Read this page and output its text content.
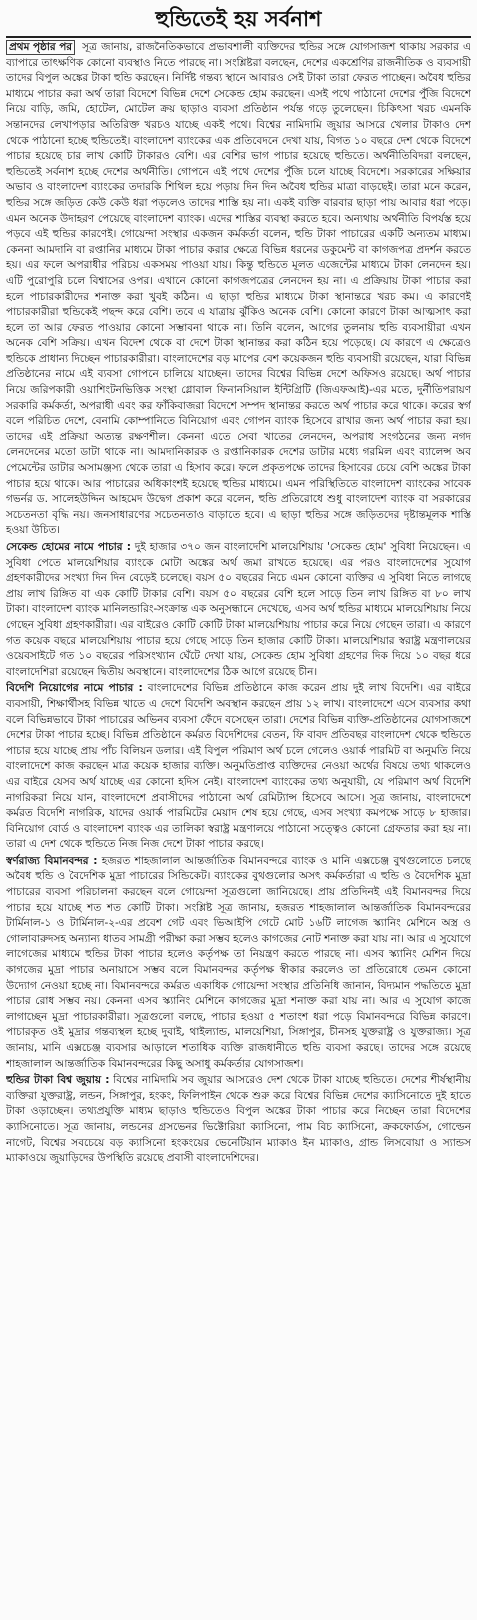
হুন্ডিতেই হয় সর্বনাশ

প্রথম পৃষ্ঠার পর সূত্র জানায়, রাজনৈতিকভাবে প্রভাবশালী ব্যক্তিদের হুন্ডির সঙ্গে যোগসাজশ থাকায় সরকার এ ব্যাপারে তাৎক্ষণিক কোনো ব্যবস্থাও নিতে পারছে না। সংশ্লিষ্টরা বলছেন, দেশের একশ্রেণির রাজনীতিক ও ব্যবসায়ী তাদের বিপুল অঙ্কের টাকা হুন্ডি করছেন। নির্দিষ্ট গন্তব্য স্থানে আবারও সেই টাকা তারা ফেরত পাচ্ছেন। অবৈধ হুন্ডির মাধ্যমে পাচার করা অর্থ তারা বিদেশে বিভিন্ন দেশে সেকেন্ড হোম করছেন। এসই পথে পাঠানো দেশের পুঁজি বিদেশে নিয়ে বাড়ি, জমি, হোটেল, মোটেল ক্রয় ছাড়াও ব্যবসা প্রতিষ্ঠান পর্যন্ত গড়ে তুলেছেন। চিকিৎসা খরচ এমনকি সন্তানদের লেখাপড়ার অতিরিক্ত খরচও যাচ্ছে একই পথে। বিশ্বের নামিদামি জুয়ার আসরে খেলার টাকাও দেশ থেকে পাঠানো হচ্ছে হুন্ডিতেই। বাংলাদেশ ব্যাংকের এক প্রতিবেদনে দেখা যায়, বিগত ১০ বছরে দেশ থেকে বিদেশে পাচার হয়েছে চার লাখ কোটি টাকারও বেশি। এর বেশির ভাগ পাচার হয়েছে হুন্ডিতে। অর্থনীতিবিদরা বলছেন, হুন্ডিতেই সর্বনাশ হচ্ছে দেশের অর্থনীতি। গোপনে এই পথে দেশের পুঁজি চলে যাচ্ছে বিদেশে। সরকারের সক্ষিয়ার অভাব ও বাংলাদেশ ব্যাংকের তদারকি শিথিল হয়ে পড়ায় দিন দিন অবৈধ হুন্ডির মাত্রা বাড়ছেই। তারা মনে করেন, হুন্ডির সঙ্গে জড়িত কেউ কেউ ধরা পড়লেও তাদের শাস্তি হয় না। একই ব্যক্তি বারবার ছাড়া পায় আবার ধরা পড়ে। এমন অনেক উদাহরণ পেয়েছে বাংলাদেশ ব্যাংক। এদের শাস্তির ব্যবস্থা করতে হবে। অন্যথায় অর্থনীতি বিপর্যস্ত হয়ে পড়বে এই হুন্ডির কারণেই। গোয়েন্দা সংস্থার একজন কর্মকর্তা বলেন, হুন্ডি টাকা পাচারের একটি অন্যতম মাধ্যম। কেননা আমদানি বা রপ্তানির মাধ্যমে টাকা পাচার করার ক্ষেত্রে বিভিন্ন ধরনের ডকুমেন্ট বা কাগজপত্র প্রদর্শন করতে হয়। এর ফলে অপরাধীর পরিচয় একসময় পাওয়া যায়। কিন্তু হুন্ডিতে মূলত এজেন্টের মাধ্যমে টাকা লেনদেন হয়। এটি পুরোপুরি চলে বিশ্বাসের ওপর। এখানে কোনো কাগজপত্রের লেনদেন হয় না। এ প্রক্রিয়ায় টাকা পাচার করা হলে পাচারকারীদের শনাক্ত করা খুবই কঠিন। এ ছাড়া হুন্ডির মাধ্যমে টাকা স্থানান্তরে খরচ কম। এ কারণেই পাচারকারীরা হুন্ডিকেই পছন্দ করে বেশি। তবে এ যাত্রায় ঝুঁকিও অনেক বেশি। কোনো কারণে টাকা আত্মসাৎ করা হলে তা আর ফেরত পাওয়ার কোনো সম্ভাবনা থাকে না। তিনি বলেন, আগের তুলনায় হুন্ডি ব্যবসায়ীরা এখন অনেক বেশি সক্রিয়। এখন বিদেশ থেকে বা দেশে টাকা স্থানান্তর করা কঠিন হয়ে পড়েছে। যে কারণে এ ক্ষেত্রেও হুন্ডিকে প্রাধান্য দিচ্ছেন পাচারকারীরা। বাংলাদেশের বড় মাপের বেশ কয়েকজন হুন্ডি ব্যবসায়ী রয়েছেন, যারা বিভিন্ন প্রতিষ্ঠানের নামে এই ব্যবসা গোপনে চালিয়ে যাচ্ছেন। তাদের বিশ্বের বিভিন্ন দেশে অফিসও রয়েছে। অর্থ পাচার নিয়ে জরিপকারী ওয়াশিংটনভিত্তিক সংস্থা গ্লোবাল ফিনানসিয়াল ইন্টিগ্রিটি (জিএফআই)-এর মতে, দুর্নীতিপরায়ণ সরকারি কর্মকর্তা, অপরাধী এবং কর ফাঁকিবাজরা বিদেশে সম্পদ স্থানান্তর করতে অর্থ পাচার করে থাকে। করের স্বর্গ বলে পরিচিত দেশে, বেনামি কোম্পানিতে বিনিয়োগ এবং গোপন ব্যাংক হিসেবে রাখার জন্য অর্থ পাচার করা হয়। তাদের এই প্রক্রিয়া অত্যন্ত রক্ষণশীল। কেননা এতে সেবা খাতের লেনদেন, অপরাধ সংগঠনের জন্য নগদ লেনদেনের মতো ডাটা থাকে না। আমদানিকারক ও রপ্তানিকারক দেশের ডাটার মধ্যে গরমিল এবং ব্যালেন্স অব পেমেন্টের ডাটার অসামঞ্জস্য থেকে তারা এ হিসাব করে। ফলে প্রকৃতপক্ষে তাদের হিসাবের চেয়ে বেশি অঙ্কের টাকা পাচার হয়ে থাকে। আর পাচারের অধিকাংশই হয়েছে হুন্ডির মাধ্যমে। এমন পরিস্থিতিতে বাংলাদেশ ব্যাংকের সাবেক গভর্নর ড. সালেহউদ্দিন আহমেদ উদ্বেগ প্রকাশ করে বলেন, হুন্ডি প্রতিরোধে শুধু বাংলাদেশ ব্যাংক বা সরকারের সচেতনতা বৃদ্ধি নয়। জনসাধারণের সচেতনতাও বাড়াতে হবে। এ ছাড়া হুন্ডির সঙ্গে জড়িতদের দৃষ্টান্তমূলক শাস্তি হওয়া উচিত।

সেকেন্ড হোমের নামে পাচার : দুই হাজার ৩৭০ জন বাংলাদেশি মালয়েশিয়ায় 'সেকেন্ড হোম' সুবিধা নিয়েছেন। এ সুবিধা পেতে মালয়েশিয়ার ব্যাংকে মোটা অঙ্কের অর্থ জমা রাখতে হয়েছে। এর পরও বাংলাদেশের সুযোগ গ্রহণকারীদের সংখ্যা দিন দিন বেড়েই চলেছে। বয়স ৫০ বছরের নিচে এমন কোনো ব্যক্তির এ সুবিধা নিতে লাগছে প্রায় লাখ রিঙ্গিত বা এক কোটি টাকার বেশি। বয়স ৫০ বছরের বেশি হলে সাড়ে তিন লাখ রিঙ্গিত বা ৮০ লাখ টাকা। বাংলাদেশ ব্যাংক মানিলন্ডারিং-সংক্রান্ত এক অনুসন্ধানে দেখেছে, এসব অর্থ হুন্ডির মাধ্যমে মালয়েশিয়ায় নিয়ে গেছেন সুবিধা গ্রহণকারীরা। এর বাইরেও কোটি কোটি টাকা মালয়েশিয়ায় পাচার করে নিয়ে গেছেন তারা। এ কারণে গত কয়েক বছরে মালয়েশিয়ায় পাচার হয়ে গেছে সাড়ে তিন হাজার কোটি টাকা। মালয়েশিয়ার স্বরাষ্ট্র মন্ত্রণালয়ের ওয়েবসাইটে গত ১০ বছরের পরিসংখ্যান ঘেঁটে দেখা যায়, সেকেন্ড হোম সুবিধা গ্রহণের দিক দিয়ে ১০ বছর ধরে বাংলাদেশিরা রয়েছেন দ্বিতীয় অবস্থানে। বাংলাদেশের ঠিক আগে রয়েছে চীন।

বিদেশি নিয়োগের নামে পাচার : বাংলাদেশের বিভিন্ন প্রতিষ্ঠানে কাজ করেন প্রায় দুই লাখ বিদেশি। এর বাইরে ব্যবসায়ী, শিক্ষার্থীসহ বিভিন্ন খাতে এ দেশে বিদেশি অবস্থান করছেন প্রায় ১২ লাখ। বাংলাদেশে এসে ব্যবসার কথা বলে বিভিন্নভাবে টাকা পাচারের অভিনব ব্যবসা ফেঁদে বসেছেন তারা। দেশের বিভিন্ন ব্যক্তি-প্রতিষ্ঠানের যোগসাজশে দেশের টাকা পাচার হচ্ছে। বিভিন্ন প্রতিষ্ঠানে কর্মরত বিদেশিদের বেতন, ফি বাবদ প্রতিবছর বাংলাদেশ থেকে হুন্ডিতে পাচার হয়ে যাচ্ছে প্রায় পাঁচ বিলিয়ন ডলার। এই বিপুল পরিমাণ অর্থ চলে গেলেও ওয়ার্ক পারমিট বা অনুমতি নিয়ে বাংলাদেশে কাজ করছেন মাত্র কয়েক হাজার ব্যক্তি। অনুমতিপ্রাপ্ত ব্যক্তিদের নেওয়া অর্থের বিষয়ে তথ্য থাকলেও এর বাইরে যেসব অর্থ যাচ্ছে এর কোনো হদিস নেই। বাংলাদেশ ব্যাংকের তথ্য অনুযায়ী, যে পরিমাণ অর্থ বিদেশি নাগরিকরা নিয়ে যান, বাংলাদেশে প্রবাসীদের পাঠানো অর্থ রেমিট্যান্স হিসেবে আসে। সূত্র জানায়, বাংলাদেশে কর্মরত বিদেশি নাগরিক, যাদের ওয়ার্ক পারমিটের মেয়াদ শেষ হয়ে গেছে, এসব সংখ্যা কমপক্ষে সাড়ে ৮ হাজার। বিনিয়োগ বোর্ড ও বাংলাদেশ ব্যাংক এর তালিকা স্বরাষ্ট্র মন্ত্রণালয়ে পাঠানো সত্ত্বেও কোনো গ্রেফতার করা হয় না। তারা এ দেশ থেকে হুন্ডিতে নিজ নিজ দেশে টাকা পাচার করছে।

স্বর্ণরাজ্য বিমানবন্দর : হজরত শাহজালাল আন্তর্জাতিক বিমানবন্দরে ব্যাংক ও মানি এক্সচেঞ্জ বুথগুলোতে চলছে অবৈধ হুন্ডি ও বৈদেশিক মুদ্রা পাচারের সিন্ডিকেট। ব্যাংকের বুথগুলোর অসৎ কর্মকর্তারা এ হুন্ডি ও বৈদেশিক মুদ্রা পাচারের ব্যবসা পরিচালনা করছেন বলে গোয়েন্দা সূত্রগুলো জানিয়েছে। প্রায় প্রতিদিনই এই বিমানবন্দর দিয়ে পাচার হয়ে যাচ্ছে শত শত কোটি টাকা। সংশ্লিষ্ট সূত্র জানায়, হজরত শাহজালাল আন্তর্জাতিক বিমানবন্দরের টার্মিনাল-১ ও টার্মিনাল-২-এর প্রবেশ গেট এবং ভিআইপি গেটে মোট ১৬টি লাগেজ স্ক্যানিং মেশিনে অস্ত্র ও গোলাবারুদসহ অন্যান্য ধাতব সামগ্রী পরীক্ষা করা সম্ভব হলেও কাগজের নোট শনাক্ত করা যায় না। আর এ সুযোগে লাগেজের মাধ্যমে হুন্ডির টাকা পাচার হলেও কর্তৃপক্ষ তা নিয়ন্ত্রণ করতে পারছে না। এসব স্ক্যানিং মেশিন দিয়ে কাগজের মুদ্রা পাচার অনায়াসে সম্ভব বলে বিমানবন্দর কর্তৃপক্ষ স্বীকার করলেও তা প্রতিরোধে তেমন কোনো উদ্যোগ নেওয়া হচ্ছে না। বিমানবন্দরে কর্মরত একাধিক গোয়েন্দা সংস্থার প্রতিনিধি জানান, বিদ্যমান পদ্ধতিতে মুদ্রা পাচার রোধ সম্ভব নয়। কেননা এসব স্ক্যানিং মেশিনে কাগজের মুদ্রা শনাক্ত করা যায় না। আর এ সুযোগ কাজে লাগাচ্ছেন মুদ্রা পাচারকারীরা। সূত্রগুলো বলছে, পাচার হওয়া ৫ শতাংশ ধরা পড়ে বিমানবন্দরে বিভিন্ন কারণে। পাচারকৃত ওই মুদ্রার গন্তব্যস্থল হচ্ছে দুবাই, থাইল্যান্ড, মালয়েশিয়া, সিঙ্গাপুর, চীনসহ যুক্তরাষ্ট্র ও যুক্তরাজ্য। সূত্র জানায়, মানি এক্সচেঞ্জ ব্যবসার আড়ালে শতাধিক ব্যক্তি রাজধানীতে হুন্ডি ব্যবসা করছে। তাদের সঙ্গে রয়েছে শাহজালাল আন্তর্জাতিক বিমানবন্দরের কিছু অসাধু কর্মকর্তার যোগসাজশ।

হুন্ডির টাকা বিশ্ব জুয়ায় : বিশ্বের নামিদামি সব জুয়ার আসরেও দেশ থেকে টাকা যাচ্ছে হুন্ডিতে। দেশের শীর্ষস্থানীয় ব্যক্তিরা যুক্তরাষ্ট্র, লন্ডন, সিঙ্গাপুর, হংকং, ফিলিপাইন থেকে শুরু করে বিশ্বের বিভিন্ন দেশের ক্যাসিনোতে দুই হাতে টাকা ওড়াচ্ছেন। তথ্যপ্রযুক্তি মাধ্যম ছাড়াও হুন্ডিতেও বিপুল অঙ্কের টাকা পাচার করে নিচ্ছেন তারা বিদেশের ক্যাসিনোতে। সূত্র জানায়, লন্ডনের গ্রসভেনর ভিক্টোরিয়া ক্যাসিনো, পাম বিচ ক্যাসিনো, ক্রকফোর্ডস, গোল্ডেন নাগেট, বিশ্বের সবচেয়ে বড় ক্যাসিনো হংকংয়ের ভেনেটিয়ান ম্যাকাও ইন ম্যাকাও, গ্রান্ড লিসবোয়া ও স্যান্ডস ম্যাকাওয়ে জুয়াড়িদের উপস্থিতি রয়েছে প্রবাসী বাংলাদেশিদের।
